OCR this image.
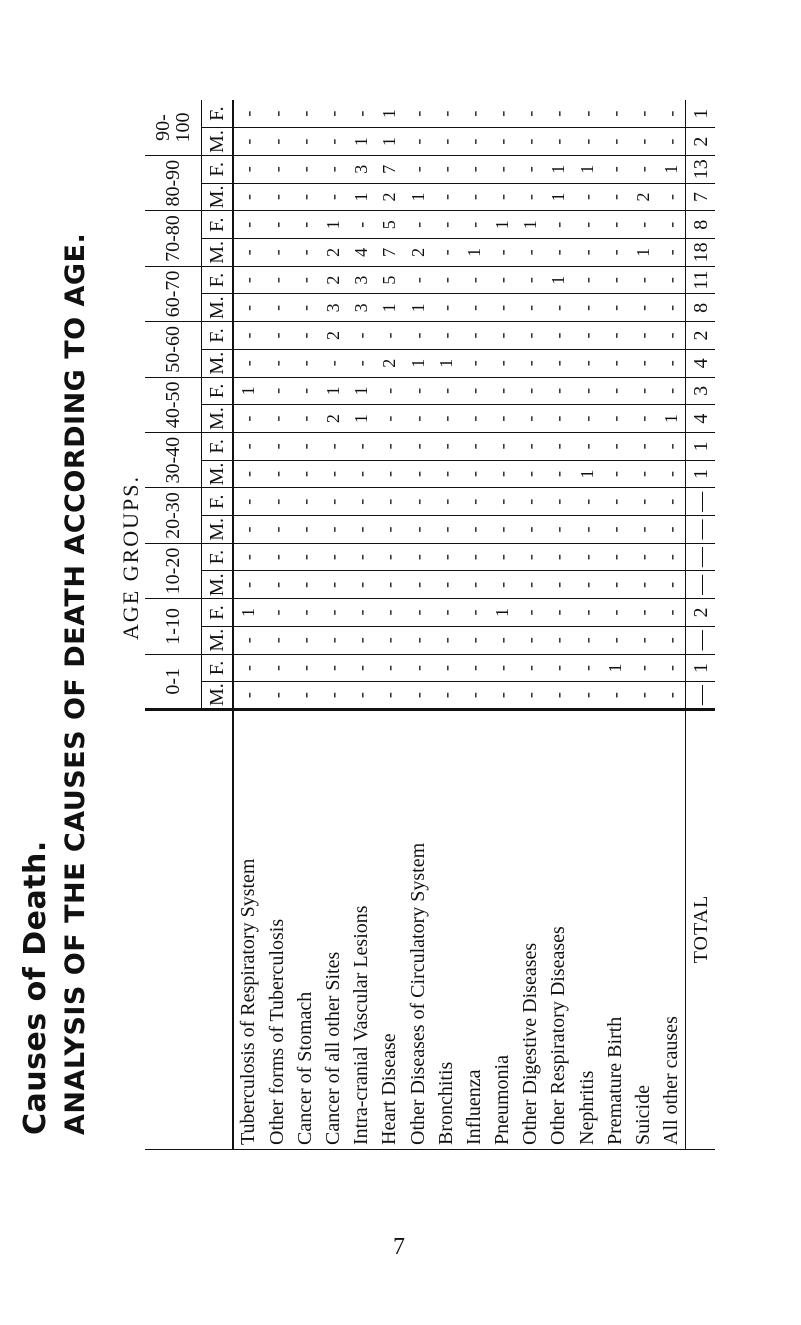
Causes of Death. ANALYSIS OF THE CAUSES OF DEATH ACCORDING TO AGE. AGE GROUPS.
	0-1		1-10		10-20		20-30		30-40		40-50		50-60		60-70		70-80		80-90		90-100	
	M.	F.	M.	F.	M.	F.	M.	F.	M.	F.	M.	F.	M.	F.	M.	F.	M.	F.	M.	F.	M.	F.
Tuberculosis of Respiratory System	-	-	-	1	-	-	-	-	-	-	-	1	-	-	-	-	-	-	-	-	-	-
Other forms of Tuberculosis	-	-	-	-	-	-	-	-	-	-	-	-	-	-	-	-	-	-	-	-	-	-
Cancer of Stomach	-	-	-	-	-	-	-	-	-	-	-	-	-	-	-	-	-	-	-	-	-	-
Cancer of all other Sites	-	-	-	-	-	-	-	-	-	-	2	1	-	2	3	2	2	1	-	-	-	-
Intra-cranial Vascular Lesions	-	-	-	-	-	-	-	-	-	-	1	1	-	-	3	3	4	-	1	3	1	-
Heart Disease	-	-	-	-	-	-	-	-	-	-	-	-	2	-	1	5	7	5	2	7	1	1
Other Diseases of Circulatory System	-	-	-	-	-	-	-	-	-	-	-	-	1	-	1	-	2	-	1	-	-	-
Bronchitis	-	-	-	-	-	-	-	-	-	-	-	-	1	-	-	-	-	-	-	-	-	-
Influenza	-	-	-	-	-	-	-	-	-	-	-	-	-	-	-	-	1	-	-	-	-	-
Pneumonia	-	-	-	1	-	-	-	-	-	-	-	-	-	-	-	-	-	1	-	-	-	-
Other Digestive Diseases	-	-	-	-	-	-	-	-	-	-	-	-	-	-	-	-	-	1	-	-	-	-
Other Respiratory Diseases	-	-	-	-	-	-	-	-	-	-	-	-	-	-	-	1	-	-	1	1	-	-
Nephritis	-	-	-	-	-	-	-	-	1	-	-	-	-	-	-	-	-	-	-	1	-	-
Premature Birth	-	1	-	-	-	-	-	-	-	-	-	-	-	-	-	-	-	-	-	-	-	-
Suicide	-	-	-	-	-	-	-	-	-	-	-	-	-	-	-	-	1	-	2	-	-	-
All other causes	-	-	-	-	-	-	-	-	-	-	1	-	-	-	-	-	-	-	-	1	-	-
TOTAL	—	1	—	2	—	—	—	—	1	1	4	3	4	2	8	11	18	8	7	13	2	1
7
